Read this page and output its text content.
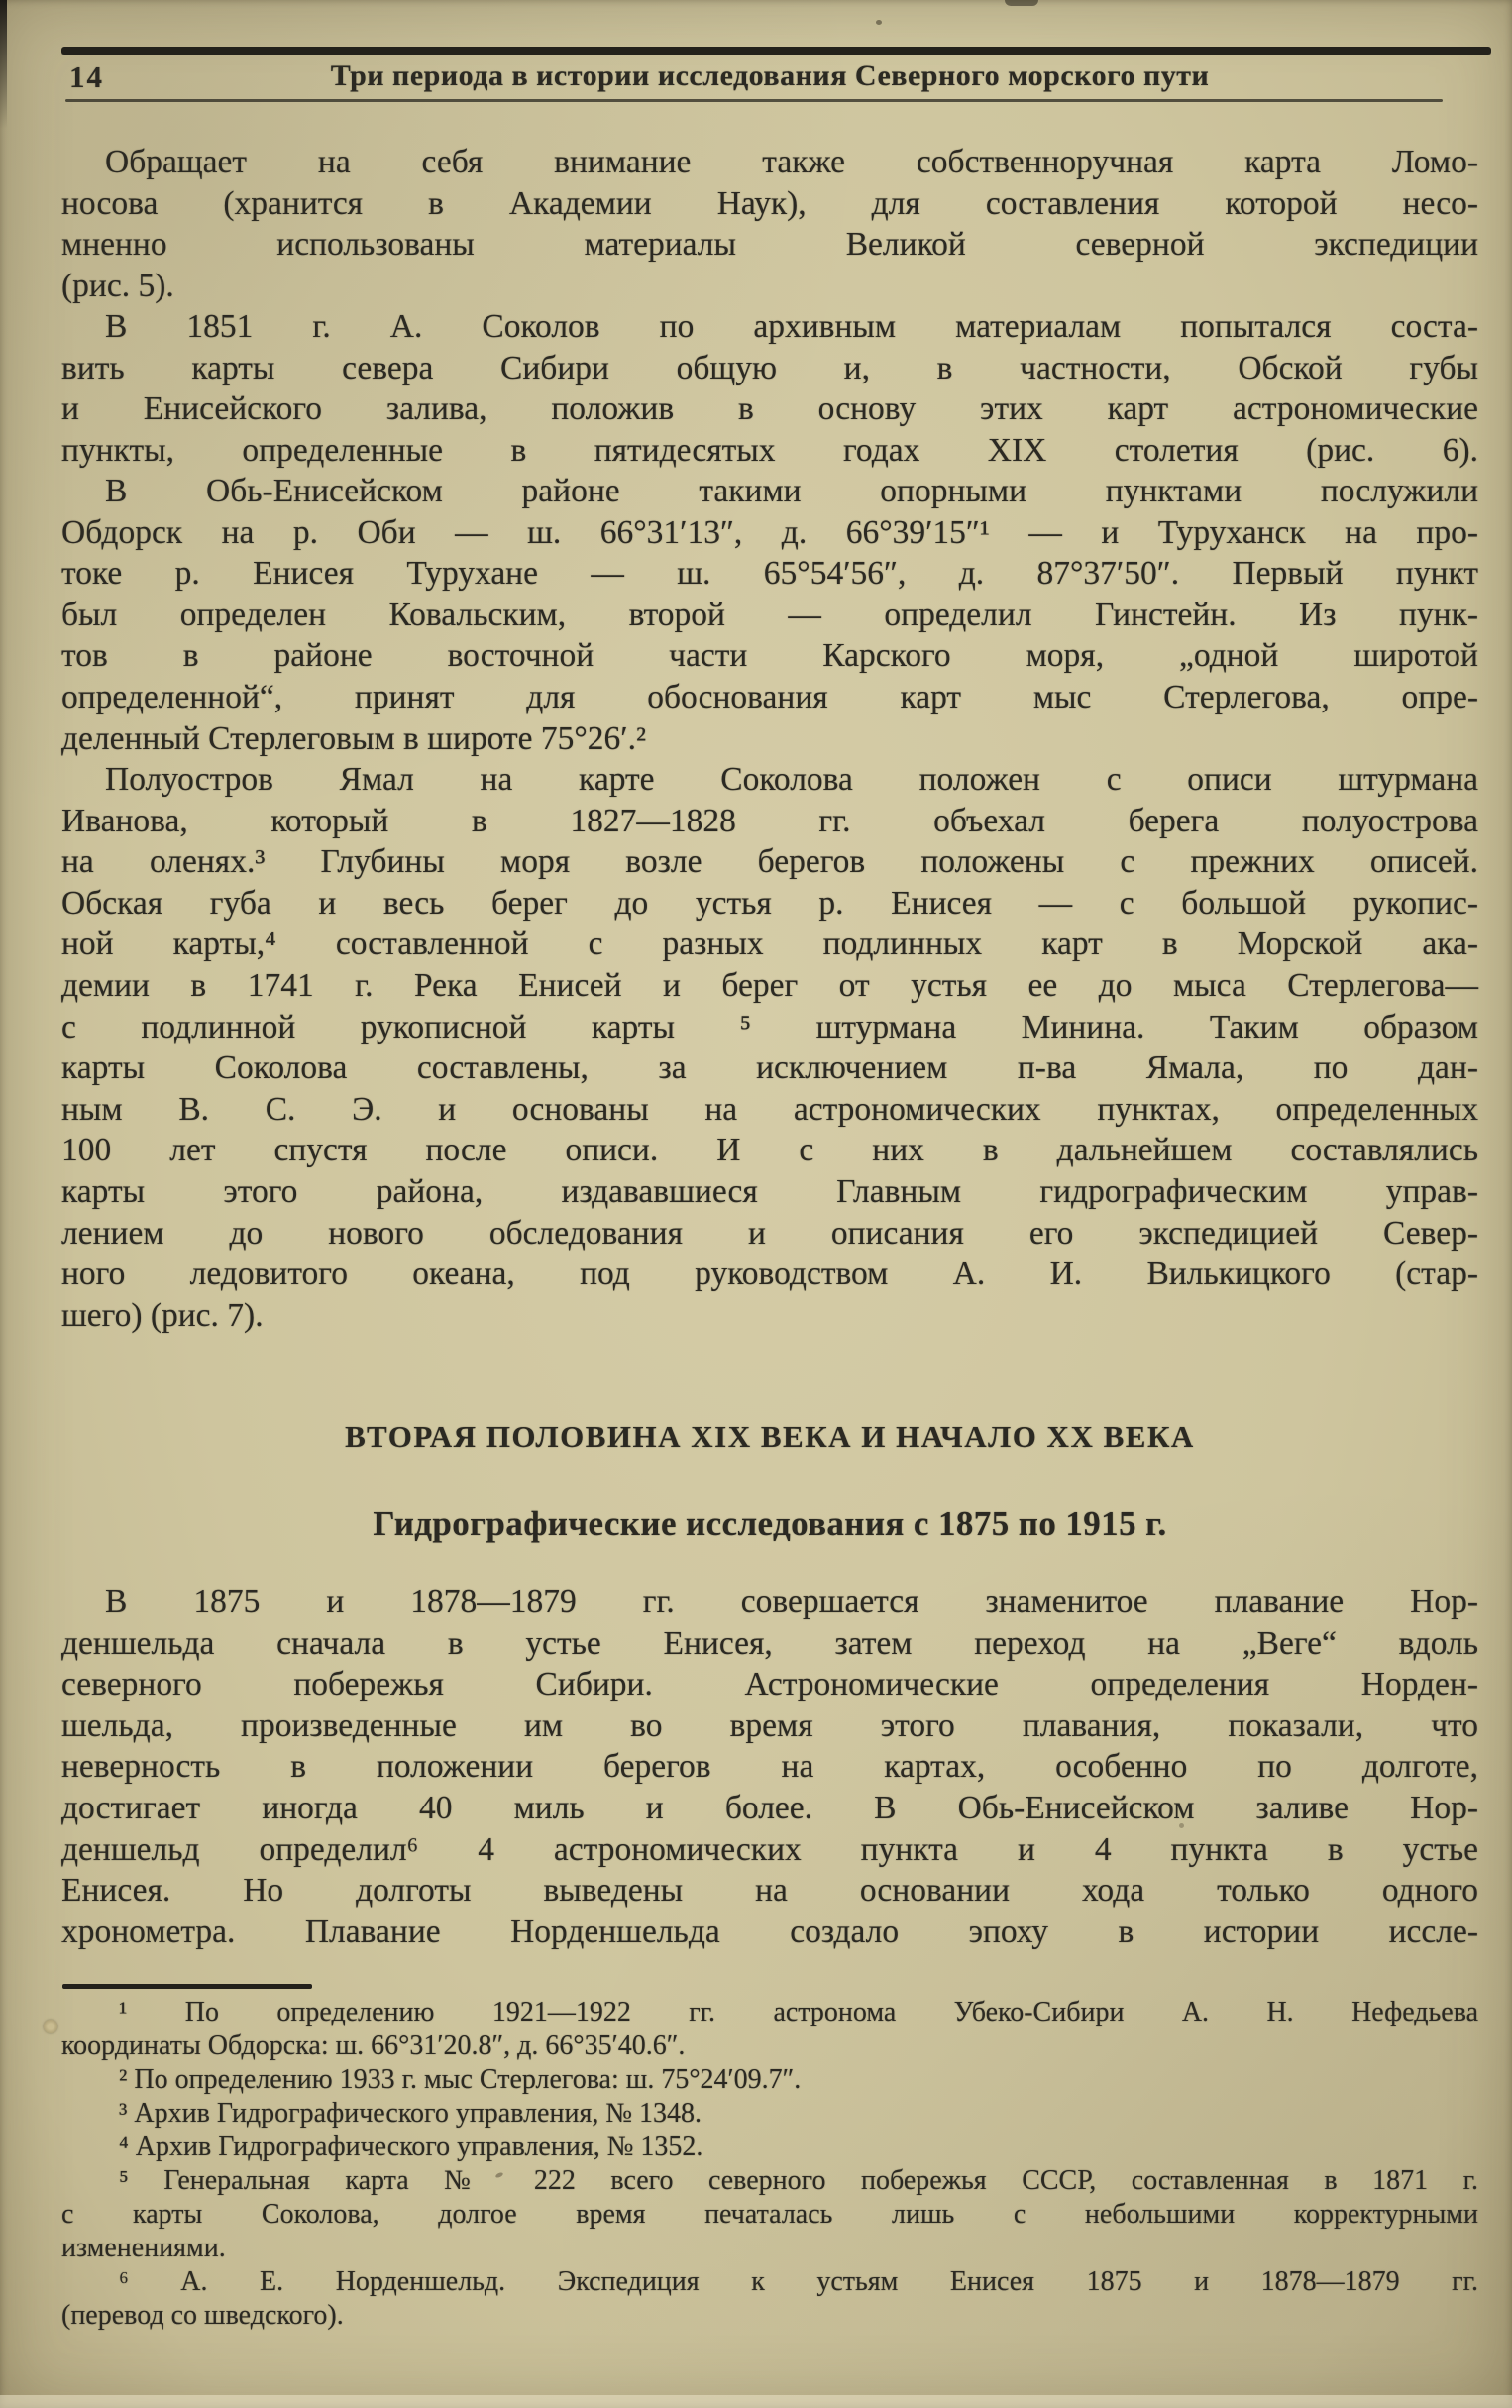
14	Три периода в истории исследования Северного морского пути
Обращает на себя внимание также собственноручная карта Ломо-
носова (хранится в Академии Наук), для составления которой несо-
мненно использованы материалы Великой северной экспедиции
(рис. 5).
В 1851 г. А. Соколов по архивным материалам попытался соста-
вить карты севера Сибири общую и, в частности, Обской губы
и Енисейского залива, положив в основу этих карт астрономические
пункты, определенные в пятидесятых годах XIX столетия (рис. 6).
В Обь-Енисейском районе такими опорными пунктами послужили
Обдорск на р. Оби — ш. 66°31′13″, д. 66°39′15″¹ — и Туруханск на про-
токе р. Енисея Турухане — ш. 65°54′56″, д. 87°37′50″. Первый пункт
был определен Ковальским, второй — определил Гинстейн. Из пунк-
тов в районе восточной части Карского моря, „одной широтой
определенной“, принят для обоснования карт мыс Стерлегова, опре-
деленный Стерлеговым в широте 75°26′.²
Полуостров Ямал на карте Соколова положен с описи штурмана
Иванова, который в 1827—1828 гг. объехал берега полуострова
на оленях.³ Глубины моря возле берегов положены с прежних описей.
Обская губа и весь берег до устья р. Енисея — с большой рукопис-
ной карты,⁴ составленной с разных подлинных карт в Морской ака-
демии в 1741 г. Река Енисей и берег от устья ее до мыса Стерлегова—
с подлинной рукописной карты ⁵ штурмана Минина. Таким образом
карты Соколова составлены, за исключением п-ва Ямала, по дан-
ным В. С. Э. и основаны на астрономических пунктах, определенных
100 лет спустя после описи. И с них в дальнейшем составлялись
карты этого района, издававшиеся Главным гидрографическим управ-
лением до нового обследования и описания его экспедицией Север-
ного ледовитого океана, под руководством А. И. Вилькицкого (стар-
шего) (рис. 7).
ВТОРАЯ ПОЛОВИНА XIX ВЕКА И НАЧАЛО XX ВЕКА
Гидрографические исследования с 1875 по 1915 г.
В 1875 и 1878—1879 гг. совершается знаменитое плавание Нор-
деншельда сначала в устье Енисея, затем переход на „Веге“ вдоль
северного побережья Сибири. Астрономические определения Норден-
шельда, произведенные им во время этого плавания, показали, что
неверность в положении берегов на картах, особенно по долготе,
достигает иногда 40 миль и более. В Обь-Енисейском заливе Нор-
деншельд определил⁶ 4 астрономических пункта и 4 пункта в устье
Енисея. Но долготы выведены на основании хода только одного
хронометра. Плавание Норденшельда создало эпоху в истории иссле-
¹ По определению 1921—1922 гг. астронома Убеко-Сибири А. Н. Нефедьева
координаты Обдорска: ш. 66°31′20.8″, д. 66°35′40.6″.
² По определению 1933 г. мыс Стерлегова: ш. 75°24′09.7″.
³ Архив Гидрографического управления, № 1348.
⁴ Архив Гидрографического управления, № 1352.
⁵ Генеральная карта № 222 всего северного побережья СССР, составленная в 1871 г.
с карты Соколова, долгое время печаталась лишь с небольшими корректурными
изменениями.
⁶ А. Е. Норденшельд. Экспедиция к устьям Енисея 1875 и 1878—1879 гг.
(перевод со шведского).
